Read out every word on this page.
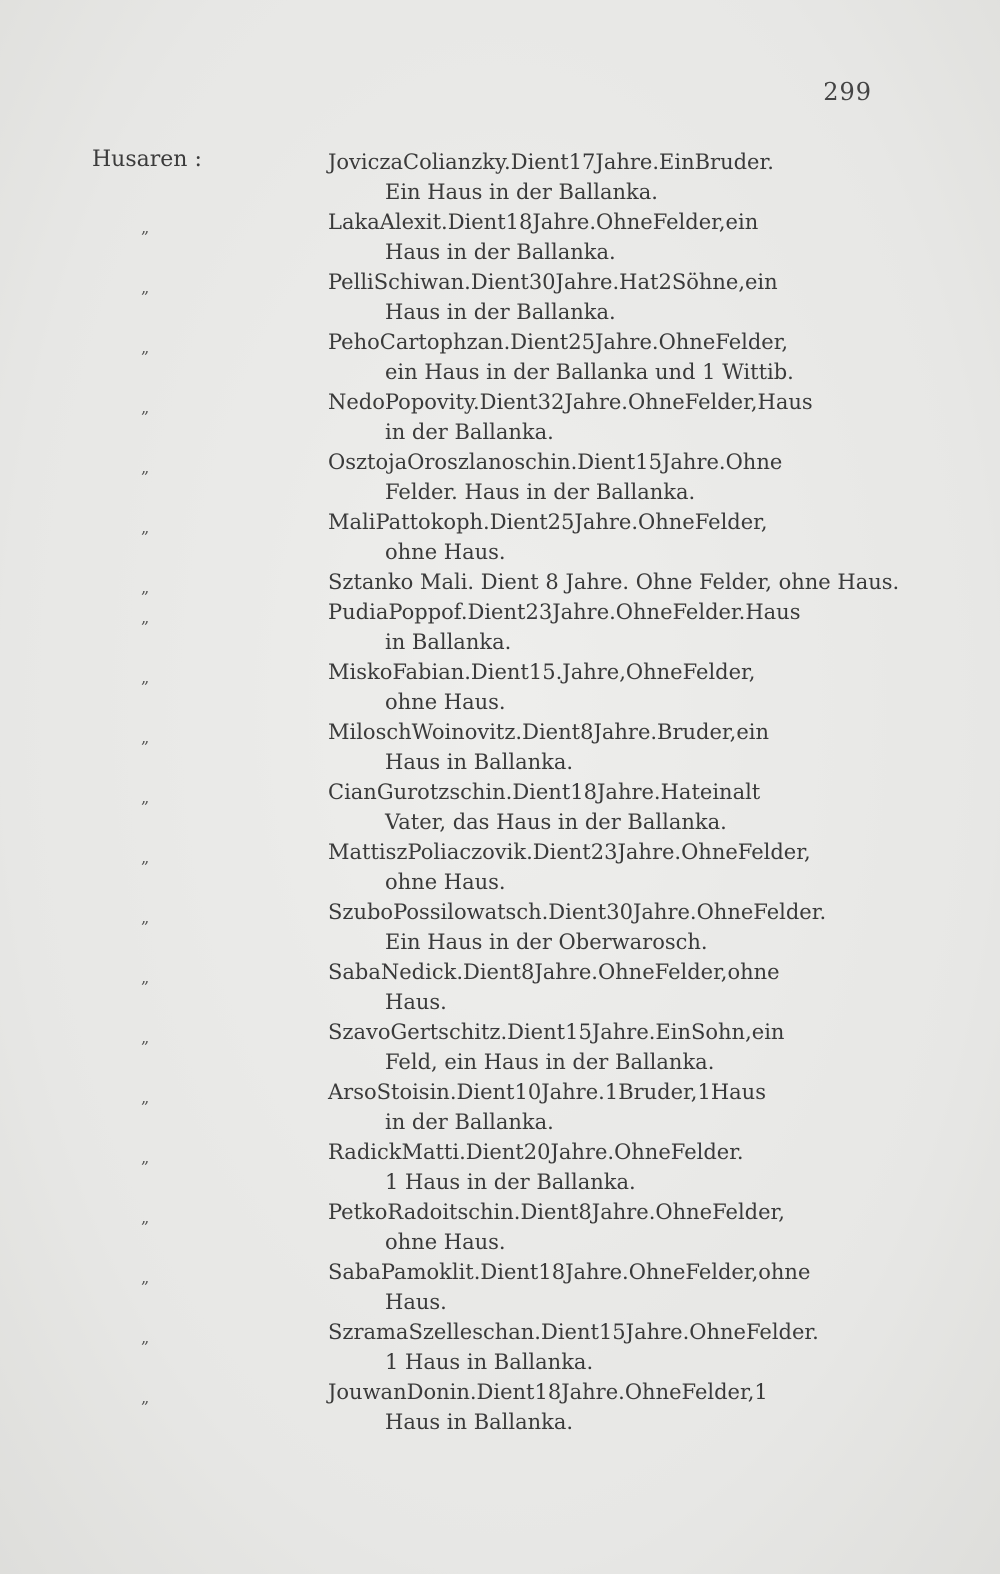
299
Husaren :	JoviczaColianzky.Dient17Jahre.EinBruder.
Ein Haus in der Ballanka.
„	LakaAlexit.Dient18Jahre.OhneFelder,ein
Haus in der Ballanka.
„	PelliSchiwan.Dient30Jahre.Hat2Söhne,ein
Haus in der Ballanka.
„	PehoCartophzan.Dient25Jahre.OhneFelder,
ein Haus in der Ballanka und 1 Wittib.
„	NedoPopovity.Dient32Jahre.OhneFelder,Haus
in der Ballanka.
„	OsztojaOroszlanoschin.Dient15Jahre.Ohne
Felder. Haus in der Ballanka.
„	MaliPattokoph.Dient25Jahre.OhneFelder,
ohne Haus.
„	Sztanko Mali. Dient 8 Jahre. Ohne Felder, ohne Haus.
„	PudiaPoppof.Dient23Jahre.OhneFelder.Haus
in Ballanka.
„	MiskoFabian.Dient15.Jahre,OhneFelder,
ohne Haus.
„	MiloschWoinovitz.Dient8Jahre.Bruder,ein
Haus in Ballanka.
„	CianGurotzschin.Dient18Jahre.Hateinalt
Vater, das Haus in der Ballanka.
„	MattiszPoliaczovik.Dient23Jahre.OhneFelder,
ohne Haus.
„	SzuboPossilowatsch.Dient30Jahre.OhneFelder.
Ein Haus in der Oberwarosch.
„	SabaNedick.Dient8Jahre.OhneFelder,ohne
Haus.
„	SzavoGertschitz.Dient15Jahre.EinSohn,ein
Feld, ein Haus in der Ballanka.
„	ArsoStoisin.Dient10Jahre.1Bruder,1Haus
in der Ballanka.
„	RadickMatti.Dient20Jahre.OhneFelder.
1 Haus in der Ballanka.
„	PetkoRadoitschin.Dient8Jahre.OhneFelder,
ohne Haus.
„	SabaPamoklit.Dient18Jahre.OhneFelder,ohne
Haus.
„	SzramaSzelleschan.Dient15Jahre.OhneFelder.
1 Haus in Ballanka.
„	JouwanDonin.Dient18Jahre.OhneFelder,1
Haus in Ballanka.
